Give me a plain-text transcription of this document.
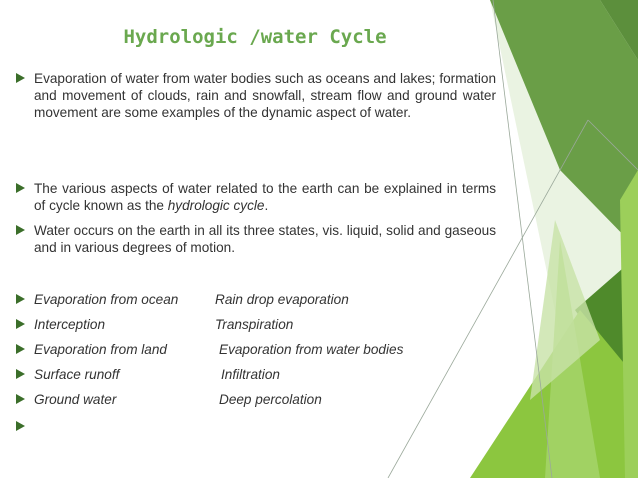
Hydrologic /water Cycle
Evaporation of water from water bodies such as oceans and lakes; formation and movement of clouds, rain and snowfall, stream flow and ground water movement are some examples of the dynamic aspect of water.
The various aspects of water related to the earth can be explained in terms of cycle known as the hydrologic cycle.
Water occurs on the earth in all its three states, vis. liquid, solid and gaseous and in various degrees of motion.
Evaporation from ocean	Rain drop evaporation
Interception	Transpiration
Evaporation from land	Evaporation from water bodies
Surface runoff	Infiltration
Ground water	Deep percolation
